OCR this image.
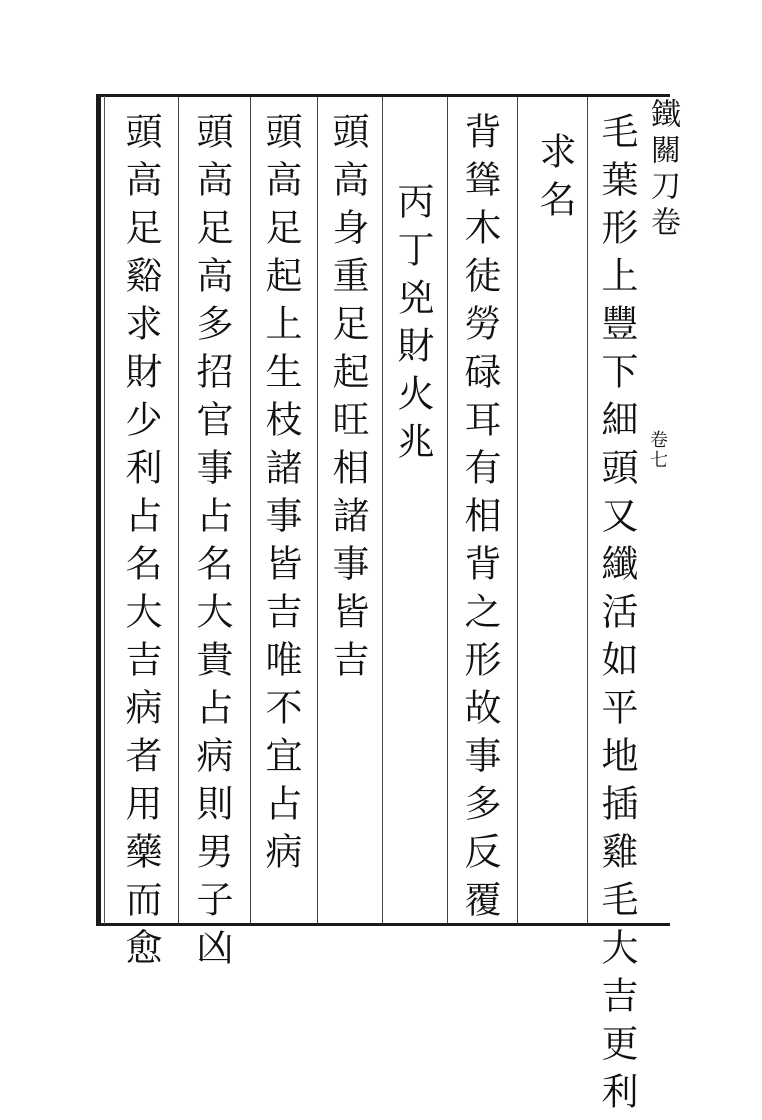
鐵關刀卷
卷七
毛葉形上豐下細頭又纖活如平地插雞毛大吉更利
求名
背聳木徒勞碌耳有相背之形故事多反覆
丙丁兇財火兆
頭高身重足起旺相諸事皆吉
頭高足起上生枝諸事皆吉唯不宜占病
頭高足高多招官事占名大貴占病則男子凶
頭高足谿求財少利占名大吉病者用藥而愈
